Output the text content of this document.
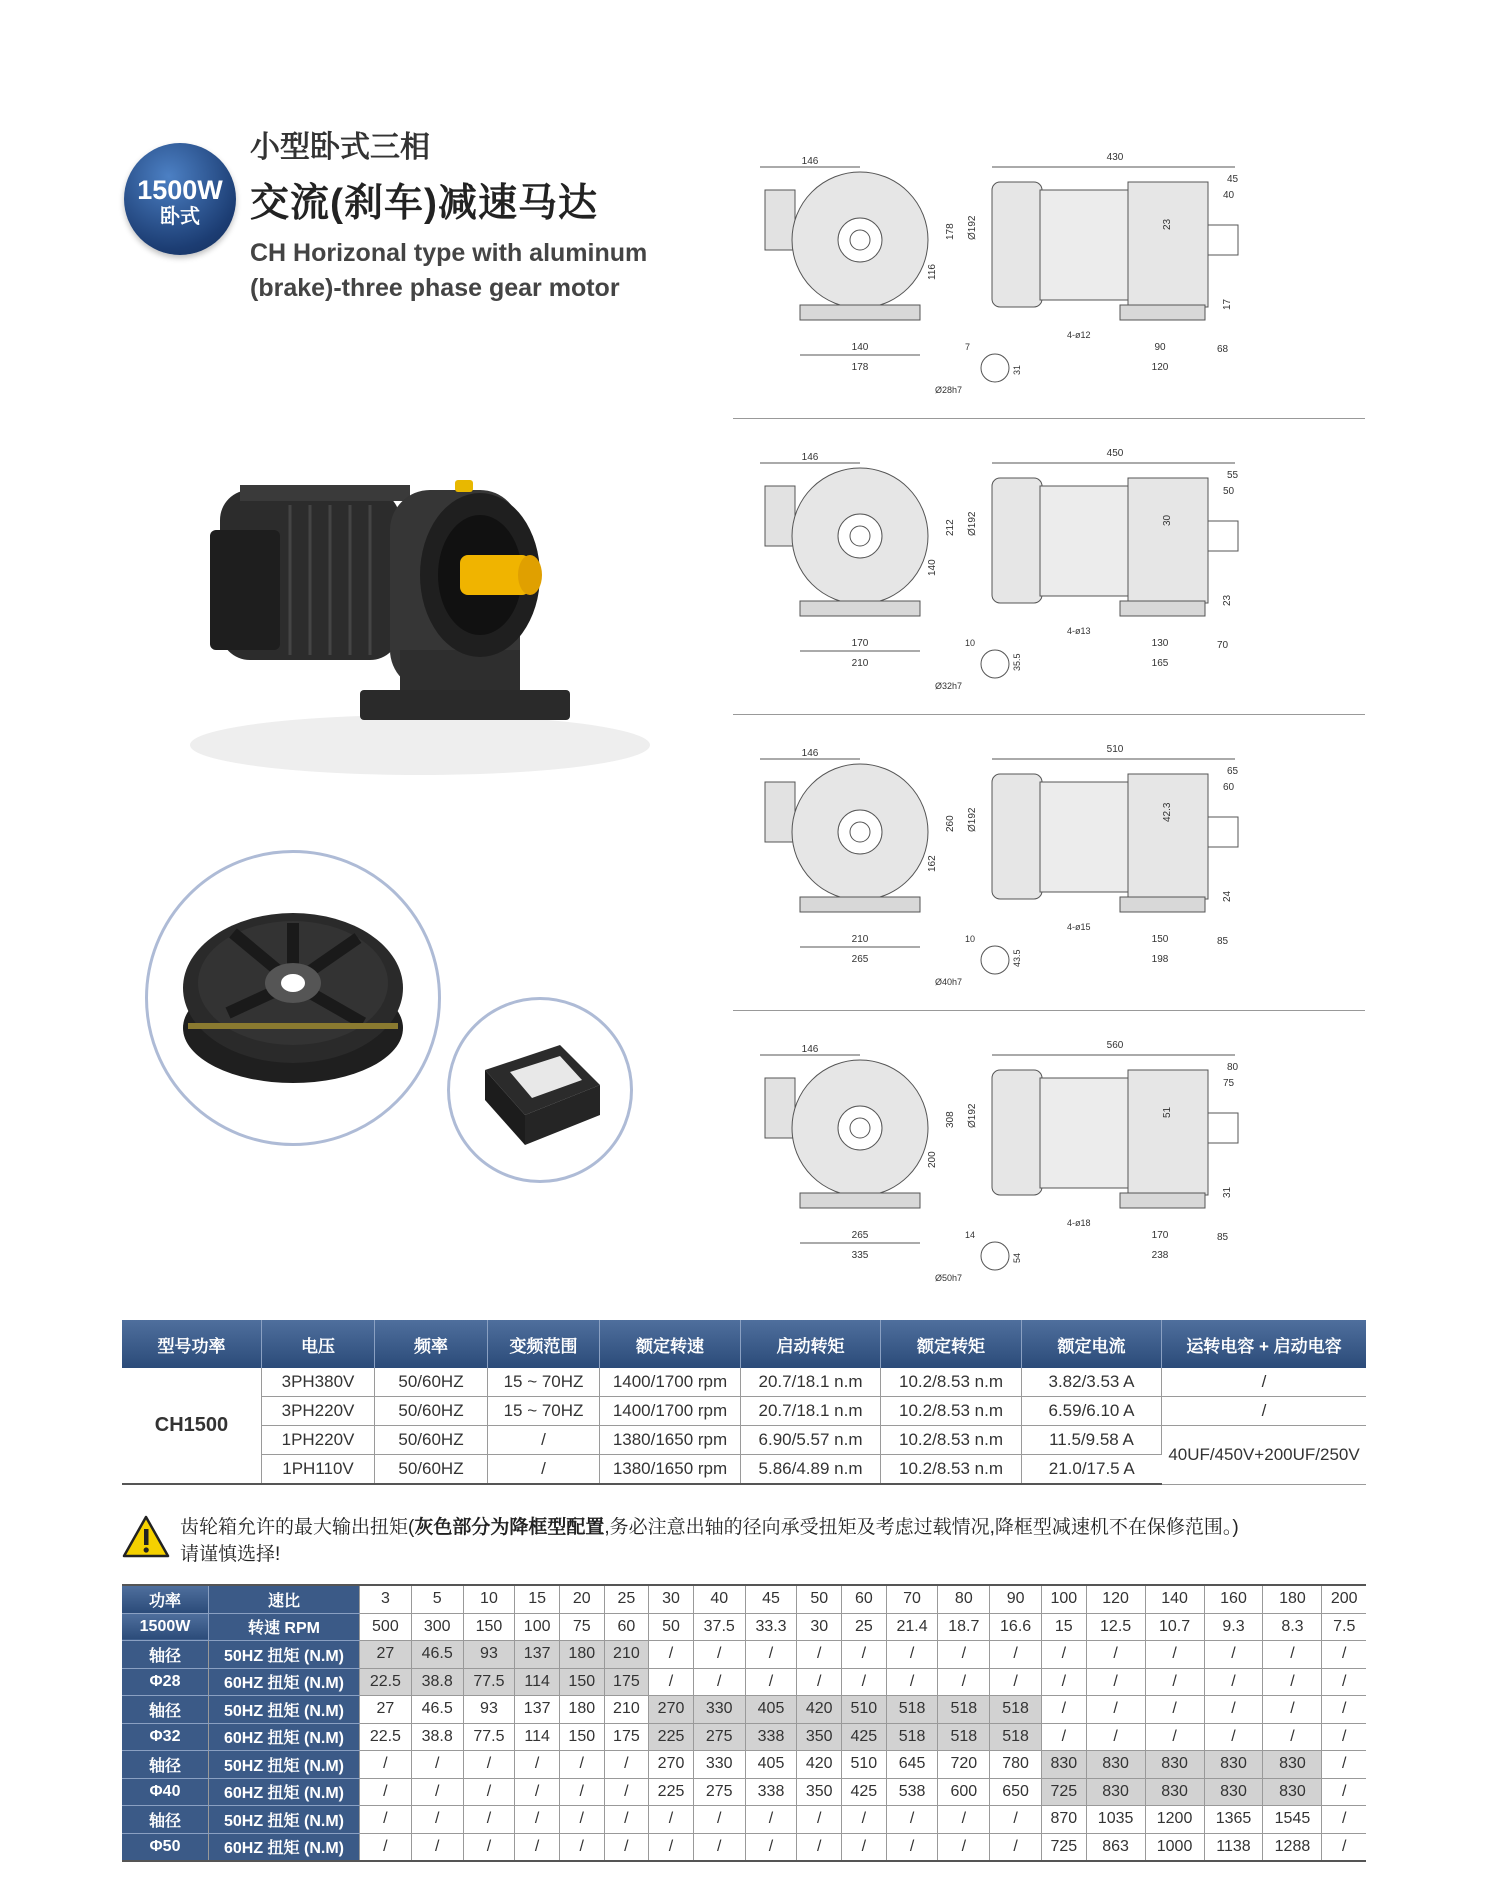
1500W
卧式
小型卧式三相
交流(刹车)减速马达
CH Horizonal type with aluminum
(brake)-three phase gear motor
146
140
178
116
178 Ø192
Ø28h7
7
31
430
45
40
23
17
4-ø12
90
120
68
146
170
210
140
212 Ø192
Ø32h7
10
35.5
450
55
50
30
23
4-ø13
130
165
70
146
210
265
162
260 Ø192
Ø40h7
10
43.5
510
65
60
42.3
24
4-ø15
150
198
85
146
265
335
200
308 Ø192
Ø50h7
14
54
560
80
75
51
31
4-ø18
170
238
85
型号功率	电压	频率	变频范围	额定转速	启动转矩	额定转矩	额定电流	运转电容 + 启动电容
CH1500	3PH380V	50/60HZ	15 ~ 70HZ	1400/1700 rpm	20.7/18.1 n.m	10.2/8.53 n.m	3.82/3.53 A	/
	3PH220V	50/60HZ	15 ~ 70HZ	1400/1700 rpm	20.7/18.1 n.m	10.2/8.53 n.m	6.59/6.10 A	/
	1PH220V	50/60HZ	/	1380/1650 rpm	6.90/5.57 n.m	10.2/8.53 n.m	11.5/9.58 A	40UF/450V+200UF/250V
	1PH110V	50/60HZ	/	1380/1650 rpm	5.86/4.89 n.m	10.2/8.53 n.m	21.0/17.5 A	
齿轮箱允许的最大输出扭矩(灰色部分为降框型配置,务必注意出轴的径向承受扭矩及考虑过载情况,降框型减速机不在保修范围。)
请谨慎选择!
功率	速比	3	5	10	15	20	25	30	40	45	50	60	70	80	90	100	120	140	160	180	200
1500W	转速 RPM	500	300	150	100	75	60	50	37.5	33.3	30	25	21.4	18.7	16.6	15	12.5	10.7	9.3	8.3	7.5
轴径	50HZ 扭矩 (N.M)	27	46.5	93	137	180	210	/	/	/	/	/	/	/	/	/	/	/	/	/	/
Φ28	60HZ 扭矩 (N.M)	22.5	38.8	77.5	114	150	175	/	/	/	/	/	/	/	/	/	/	/	/	/	/
轴径	50HZ 扭矩 (N.M)	27	46.5	93	137	180	210	270	330	405	420	510	518	518	518	/	/	/	/	/	/
Φ32	60HZ 扭矩 (N.M)	22.5	38.8	77.5	114	150	175	225	275	338	350	425	518	518	518	/	/	/	/	/	/
轴径	50HZ 扭矩 (N.M)	/	/	/	/	/	/	270	330	405	420	510	645	720	780	830	830	830	830	830	/
Φ40	60HZ 扭矩 (N.M)	/	/	/	/	/	/	225	275	338	350	425	538	600	650	725	830	830	830	830	/
轴径	50HZ 扭矩 (N.M)	/	/	/	/	/	/	/	/	/	/	/	/	/	/	870	1035	1200	1365	1545	/
Φ50	60HZ 扭矩 (N.M)	/	/	/	/	/	/	/	/	/	/	/	/	/	/	725	863	1000	1138	1288	/
